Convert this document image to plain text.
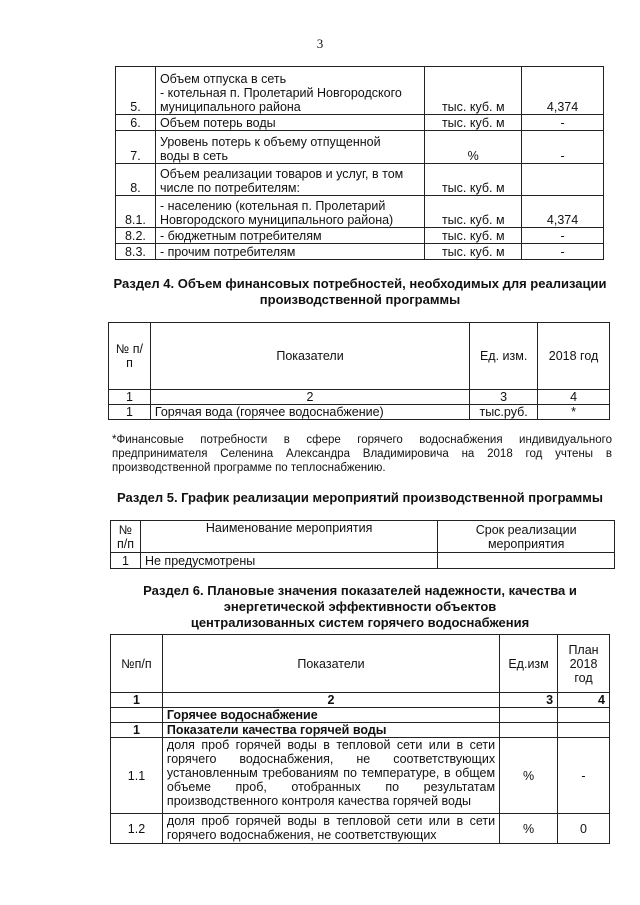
3
5.	Объем отпуска в сеть
- котельная п. Пролетарий Новгородского
муниципального района	тыс. куб. м	4,374
6.	Объем потерь воды	тыс. куб. м	-
7.	Уровень потерь к объему отпущенной
воды в сеть	%	-
8.	Объем реализации товаров и услуг, в том
числе по потребителям:	тыс. куб. м	
8.1.	- населению (котельная п. Пролетарий
Новгородского муниципального района)	тыс. куб. м	4,374
8.2.	- бюджетным потребителям	тыс. куб. м	-
8.3.	- прочим потребителям	тыс. куб. м	-
Раздел 4. Объем финансовых потребностей, необходимых для реализации
производственной программы
№ п/п	Показатели	Ед. изм.	2018 год
1	2	3	4
1	Горячая вода (горячее водоснабжение)	тыс.руб.	*
*Финансовые потребности в сфере горячего водоснабжения индивидуального предпринимателя Селенина Александра Владимировича на 2018 год учтены в производственной программе по теплоснабжению.
Раздел 5. График реализации мероприятий производственной программы
№ п/п	Наименование мероприятия	Срок реализации мероприятия
1	Не предусмотрены	
Раздел 6. Плановые значения показателей надежности, качества и
энергетической эффективности объектов
централизованных систем горячего водоснабжения
№п/п	Показатели	Ед.изм	План 2018 год
1	2	3	4
	Горячее водоснабжение		
1	Показатели качества горячей воды		
1.1	доля проб горячей воды в тепловой сети или в сети горячего водоснабжения, не соответствующих установленным требованиям по температуре, в общем объеме проб, отобранных по результатам производственного контроля качества горячей воды	%	-
1.2	доля проб горячей воды в тепловой сети или в сети горячего водоснабжения, не соответствующих	%	0
